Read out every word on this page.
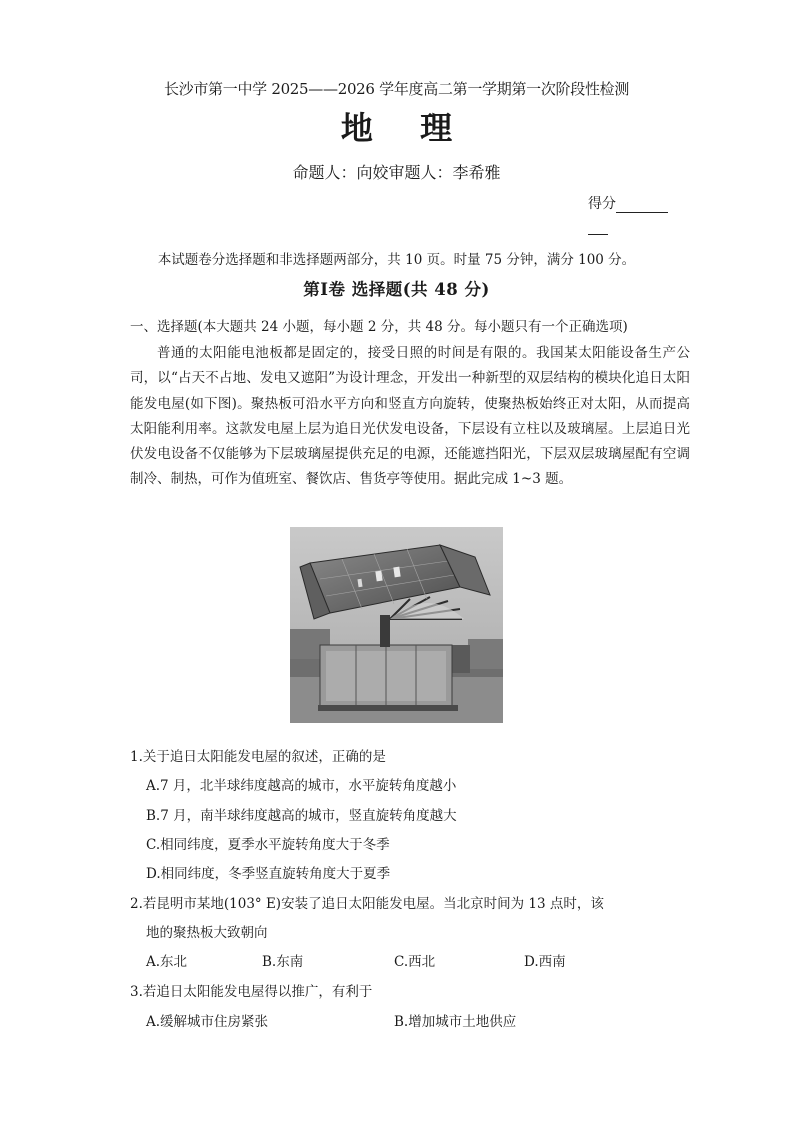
长沙市第一中学 2025——2026 学年度高二第一学期第一次阶段性检测
地 理
命题人：向姣审题人：李希雅
得分
本试题卷分选择题和非选择题两部分，共 10 页。时量 75 分钟，满分 100 分。
第Ⅰ卷 选择题(共 48 分)
一、选择题(本大题共 24 小题，每小题 2 分，共 48 分。每小题只有一个正确选项)
普通的太阳能电池板都是固定的，接受日照的时间是有限的。我国某太阳能设备生产公司，以“占天不占地、发电又遮阳”为设计理念，开发出一种新型的双层结构的模块化追日太阳能发电屋(如下图)。聚热板可沿水平方向和竖直方向旋转，使聚热板始终正对太阳，从而提高太阳能利用率。这款发电屋上层为追日光伏发电设备，下层设有立柱以及玻璃屋。上层追日光伏发电设备不仅能够为下层玻璃屋提供充足的电源，还能遮挡阳光，下层双层玻璃屋配有空调制冷、制热，可作为值班室、餐饮店、售货亭等使用。据此完成 1~3 题。
1.关于追日太阳能发电屋的叙述，正确的是
A.7 月，北半球纬度越高的城市，水平旋转角度越小
B.7 月，南半球纬度越高的城市，竖直旋转角度越大
C.相同纬度，夏季水平旋转角度大于冬季
D.相同纬度，冬季竖直旋转角度大于夏季
2.若昆明市某地(103° E)安装了追日太阳能发电屋。当北京时间为 13 点时，该
地的聚热板大致朝向
A.东北	B.东南	C.西北	D.西南
3.若追日太阳能发电屋得以推广，有利于
A.缓解城市住房紧张	B.增加城市土地供应
